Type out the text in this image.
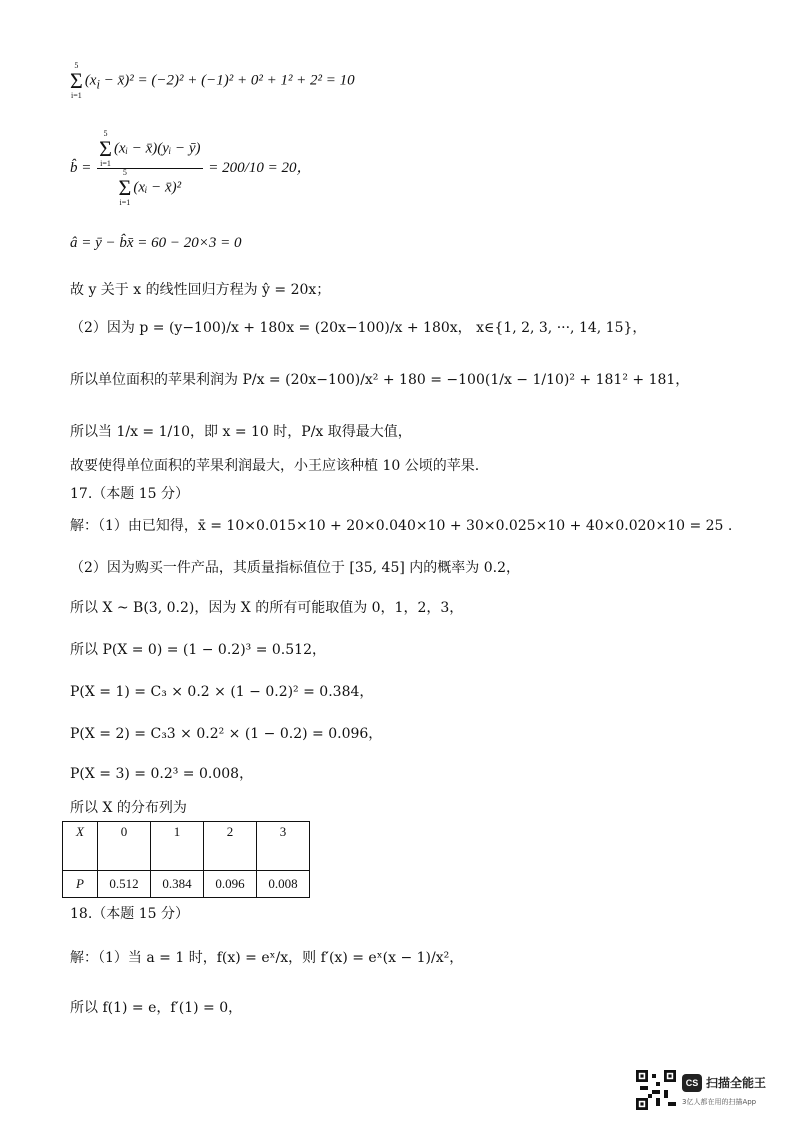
5
Σ
$i=1(x_i$ − x̄)² = (−2)² + (−1)² + 0² + 1² + 2² = 10
b̂ = 5
Σ
i=1(xᵢ − x̄)(yᵢ − ȳ)
5
Σ
i=1(xᵢ − x̄)² = 200/10 = 20，
â = ȳ − b̂x̄ = 60 − 20×3 = 0
故 y 关于 x 的线性回归方程为 ŷ = 20x；
（2）因为 p = (y−100)/x + 180x = (20x−100)/x + 180x， x∈{1, 2, 3, ···, 14, 15}，
所以单位面积的苹果利润为 P/x = (20x−100)/x² + 180 = −100(1/x − 1/10)² + 181² + 181，
所以当 1/x = 1/10，即 x = 10 时，P/x 取得最大值，
故要使得单位面积的苹果利润最大，小王应该种植 10 公顷的苹果.
17.（本题 15 分）
解：（1）由已知得，x̄ = 10×0.015×10 + 20×0.040×10 + 30×0.025×10 + 40×0.020×10 = 25 .
（2）因为购买一件产品，其质量指标值位于 [35, 45] 内的概率为 0.2，
所以 X ~ B(3, 0.2)，因为 X 的所有可能取值为 0，1，2，3，
所以 P(X = 0) = (1 − 0.2)³ = 0.512，
P(X = 1) = C₃ × 0.2 × (1 − 0.2)² = 0.384，
P(X = 2) = C₃3 × 0.2² × (1 − 0.2) = 0.096，
P(X = 3) = 0.2³ = 0.008，
所以 X 的分布列为
X	0	1	2	3
P	0.512	0.384	0.096	0.008
18.（本题 15 分）
解：（1）当 a = 1 时，f(x) = eˣ/x，则 f′(x) = eˣ(x − 1)/x²，
所以 f(1) = e，f′(1) = 0，
CS 扫描全能王
3亿人都在用的扫描App
